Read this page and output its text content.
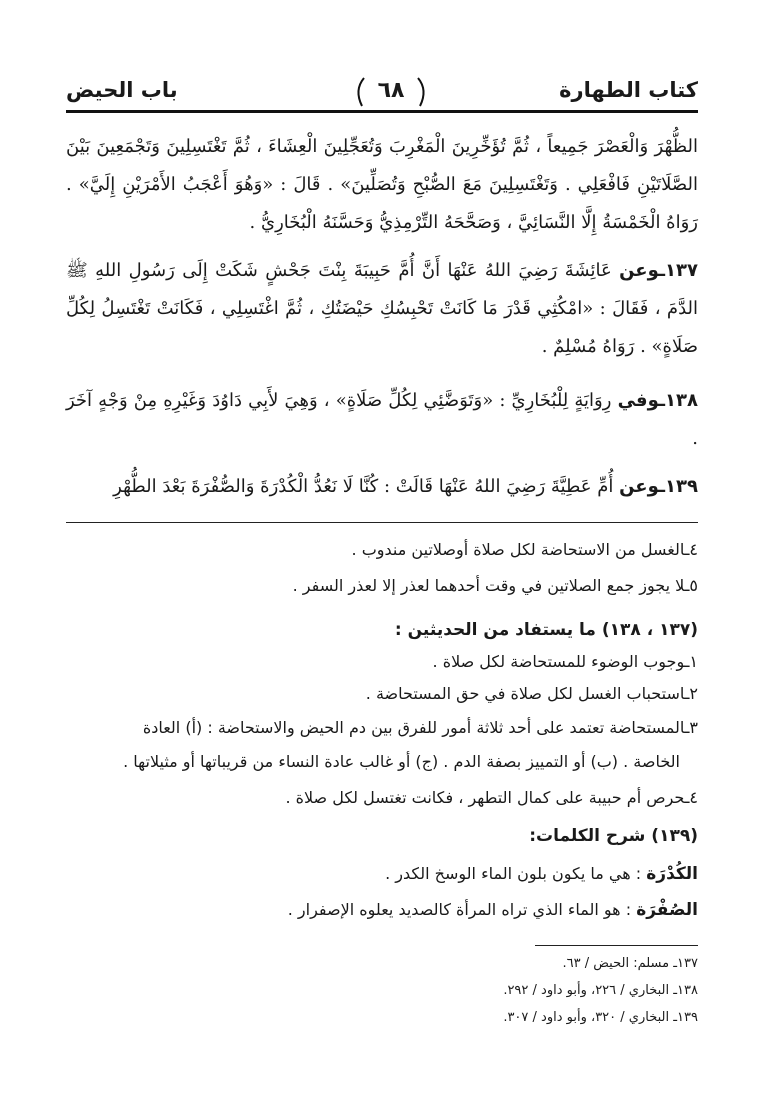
كتاب الطهارة
٦٨
باب الحيض
الظُّهْرَ وَالْعَصْرَ جَمِيعاً ، ثُمَّ تُؤَخِّرِينَ الْمَغْرِبَ وَتُعَجِّلِينَ الْعِشَاءَ ، ثُمَّ تَغْتَسِلِينَ وَتَجْمَعِينَ بَيْنَ الصَّلَاتَيْنِ فَافْعَلِي . وَتَغْتَسِلِينَ مَعَ الصُّبْحِ وَتُصَلِّينَ» . قَالَ : «وَهُوَ أَعْجَبُ الأَمْرَيْنِ إِلَيَّ» . رَوَاهُ الْخَمْسَةُ إِلَّا النَّسَائِيَّ ، وَصَحَّحَهُ التِّرْمِذِيُّ وَحَسَّنَهُ الْبُخَارِيُّ .
١٣٧ـوعن عَائِشَةَ رَضِيَ اللهُ عَنْهَا أَنَّ أُمَّ حَبِيبَةَ بِنْتَ جَحْشٍ شَكَتْ إِلَى رَسُولِ اللهِ ﷺ الدَّمَ ، فَقَالَ : «امْكُثِي قَدْرَ مَا كَانَتْ تَحْبِسُكِ حَيْضَتُكِ ، ثُمَّ اغْتَسِلِي ، فَكَانَتْ تَغْتَسِلُ لِكُلِّ صَلَاةٍ» . رَوَاهُ مُسْلِمٌ .
١٣٨ـوفي رِوَايَةٍ لِلْبُخَارِيِّ : «وَتَوَضَّئِي لِكُلِّ صَلَاةٍ» ، وَهِيَ لأَبِي دَاوُدَ وَغَيْرِهِ مِنْ وَجْهٍ آخَرَ .
١٣٩ـوعن أُمِّ عَطِيَّةَ رَضِيَ اللهُ عَنْهَا قَالَتْ : كُنَّا لَا نَعُدُّ الْكُدْرَةَ وَالصُّفْرَةَ بَعْدَ الطُّهْرِ
٤ـالغسل من الاستحاضة لكل صلاة أوصلاتين مندوب .
٥ـلا يجوز جمع الصلاتين في وقت أحدهما لعذر إلا لعذر السفر .
(١٣٧ ، ١٣٨) ما يستفاد من الحديثين :
١ـوجوب الوضوء للمستحاضة لكل صلاة .
٢ـاستحباب الغسل لكل صلاة في حق المستحاضة .
٣ـالمستحاضة تعتمد على أحد ثلاثة أمور للفرق بين دم الحيض والاستحاضة : (أ) العادة
الخاصة . (ب) أو التمييز بصفة الدم . (ج) أو غالب عادة النساء من قريباتها أو مثيلاتها .
٤ـحرص أم حبيبة على كمال التطهر ، فكانت تغتسل لكل صلاة .
(١٣٩) شرح الكلمات:
الكُدْرَة : هي ما يكون بلون الماء الوسخ الكدر .
الصُفْرَة : هو الماء الذي تراه المرأة كالصديد يعلوه الإصفرار .
١٣٧ـ مسلم: الحيض / ٦٣.
١٣٨ـ البخاري / ٢٢٦، وأبو داود / ٢٩٢.
١٣٩ـ البخاري / ٣٢٠، وأبو داود / ٣٠٧.
